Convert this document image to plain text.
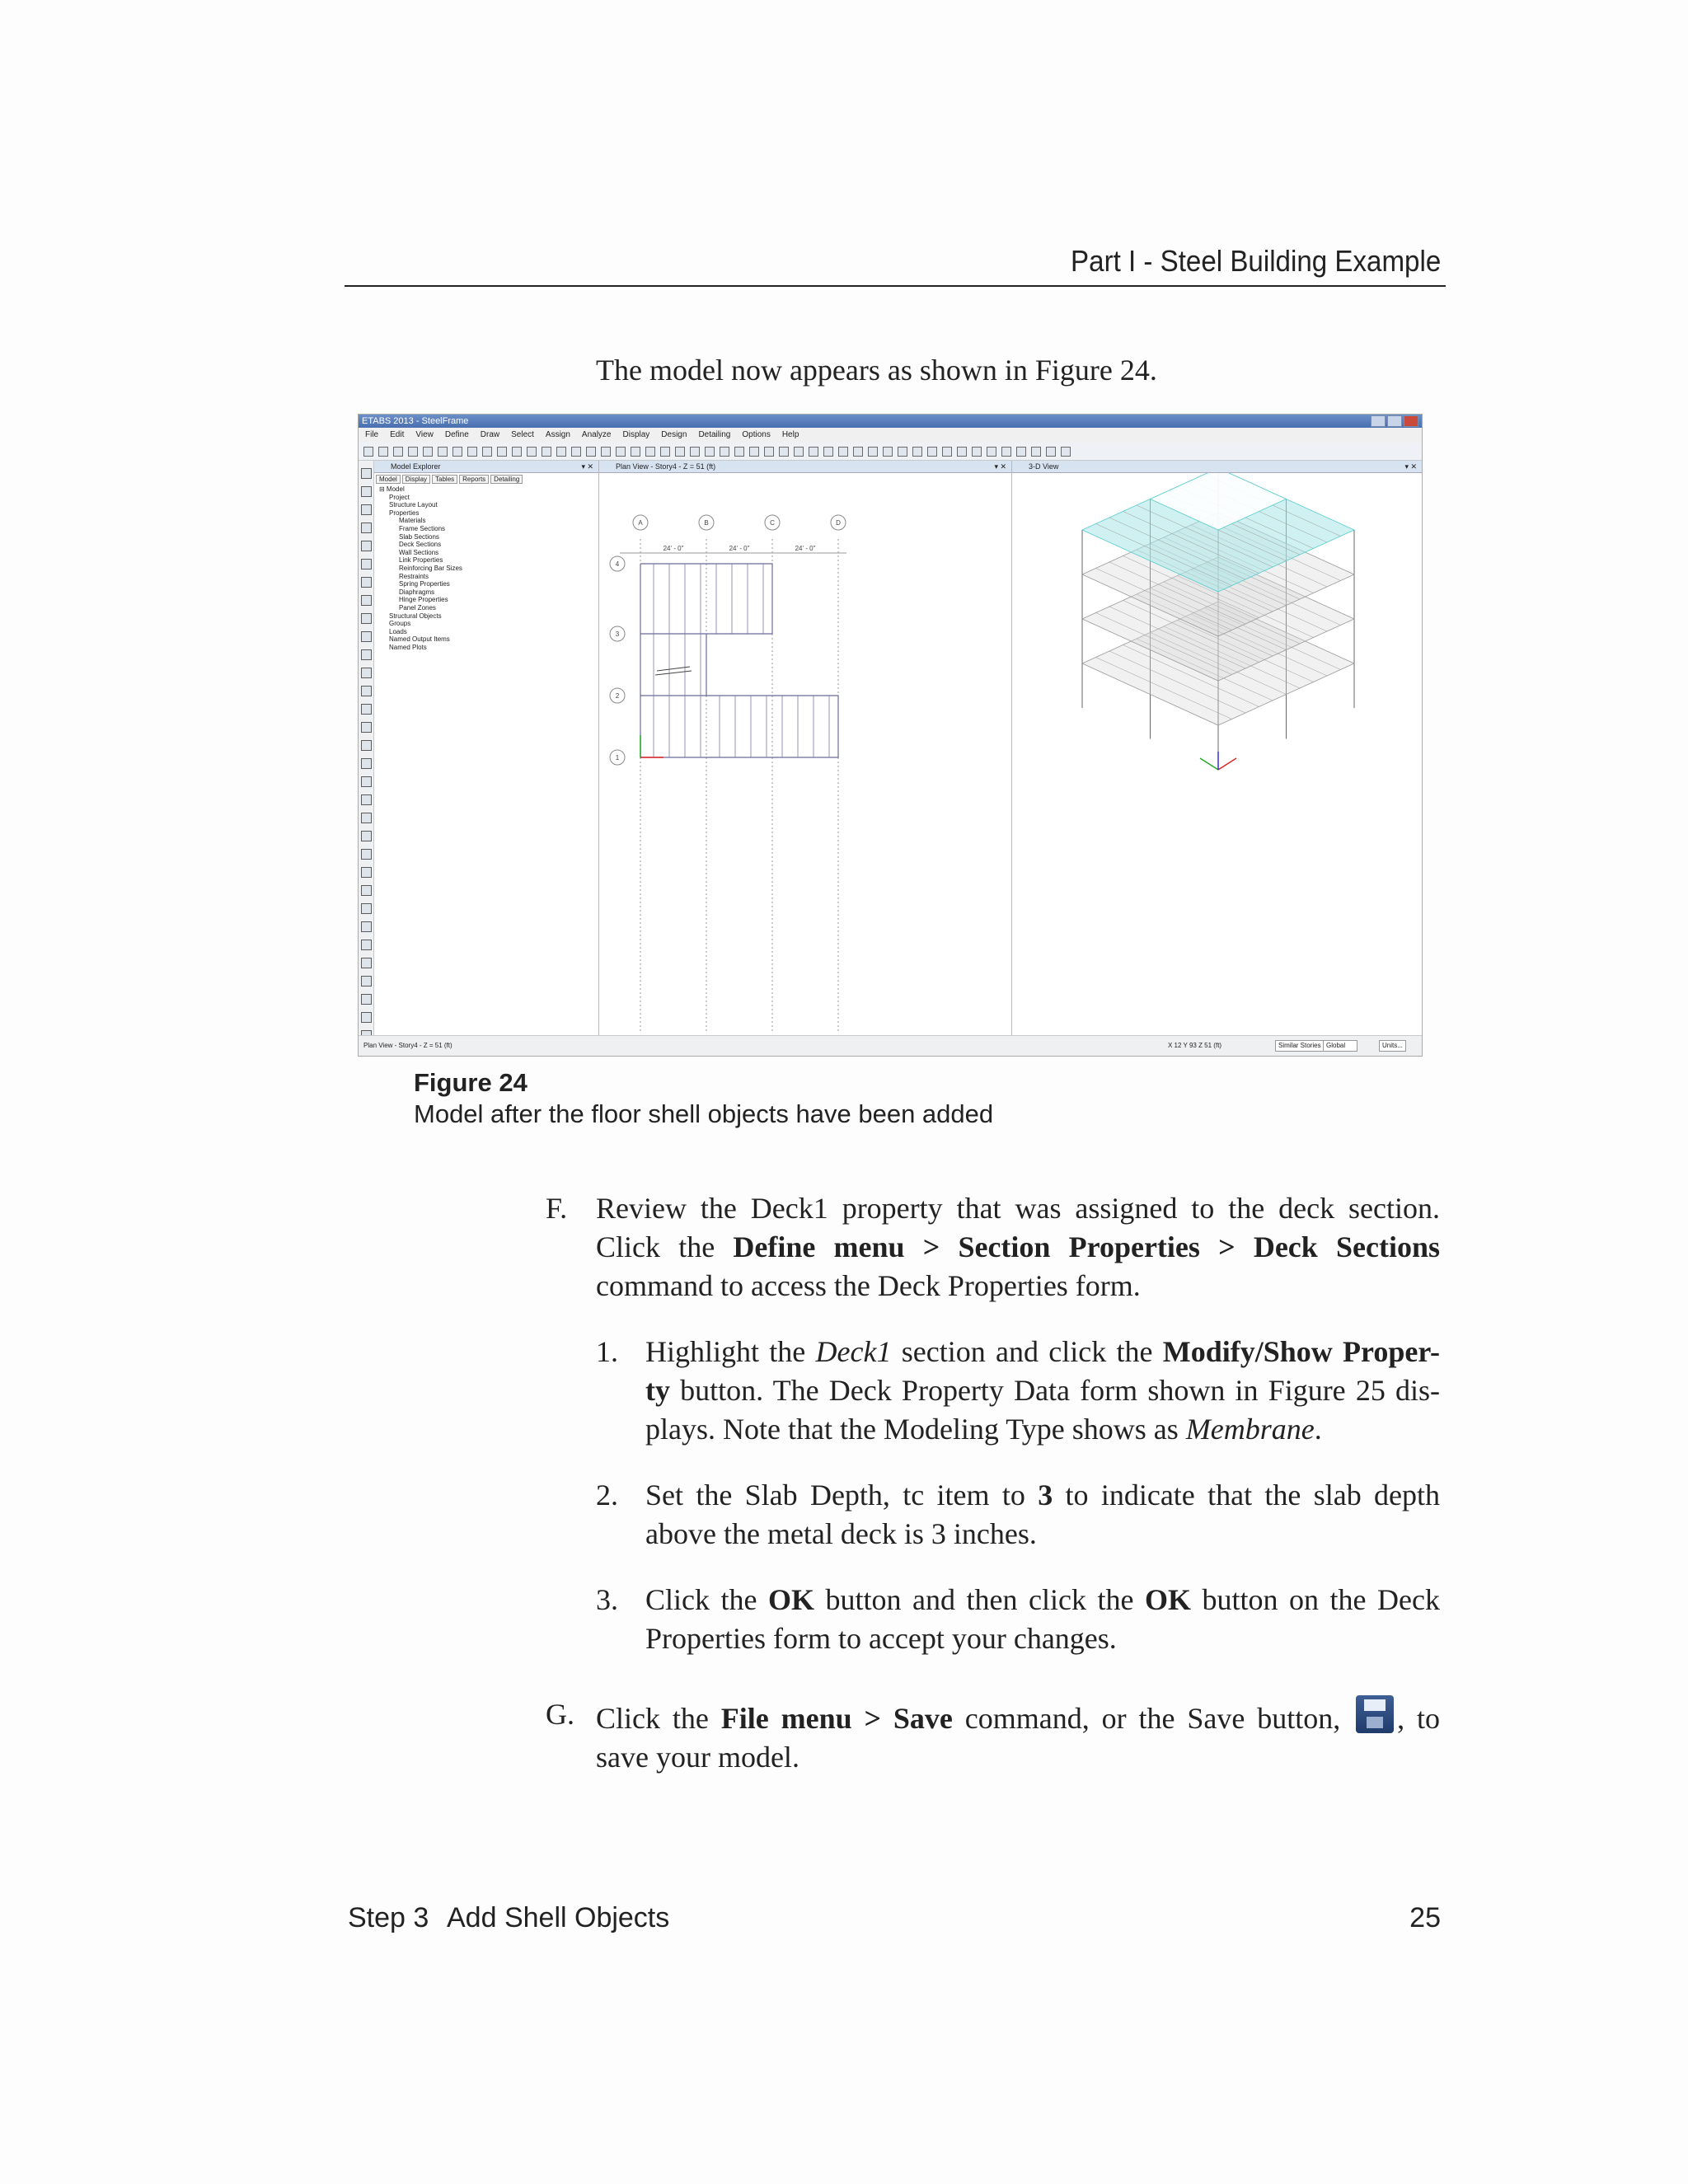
Part I - Steel Building Example
The model now appears as shown in Figure 24.
ETABS 2013 - SteelFrame
File Edit View Define Draw Select Assign Analyze Display Design Detailing Options Help
Model Explorer	▾ ✕
Model	Display	Tables	Reports	Detailing
⊟ Model
Project
Structure Layout
Properties
Materials
Frame Sections
Slab Sections
Deck Sections
Wall Sections
Link Properties
Reinforcing Bar Sizes
Restraints
Spring Properties
Diaphragms
Hinge Properties
Panel Zones
Structural Objects
Groups
Loads
Named Output Items
Named Plots
Plan View - Story4 - Z = 51 (ft)	▾ ✕
A	B	C	D
4
3
2
1
24' - 0"	24' - 0"	24' - 0"
3-D View	▾ ✕
Plan View - Story4 - Z = 51 (ft)	X 12 Y 93 Z 51 (ft)	Similar Stories Global	Units...
Figure 24
Model after the floor shell objects have been added
F. Review the Deck1 property that was assigned to the deck section. Click the Define menu > Section Properties > Deck Sections command to access the Deck Properties form.
1. Highlight the Deck1 section and click the Modify/Show Proper-ty button. The Deck Property Data form shown in Figure 25 dis-plays. Note that the Modeling Type shows as Membrane.
2. Set the Slab Depth, tc item to 3 to indicate that the slab depth above the metal deck is 3 inches.
3. Click the OK button and then click the OK button on the Deck Properties form to accept your changes.
G. Click the File menu > Save command, or the Save button, , to save your model.
Step 3 Add Shell Objects	25
